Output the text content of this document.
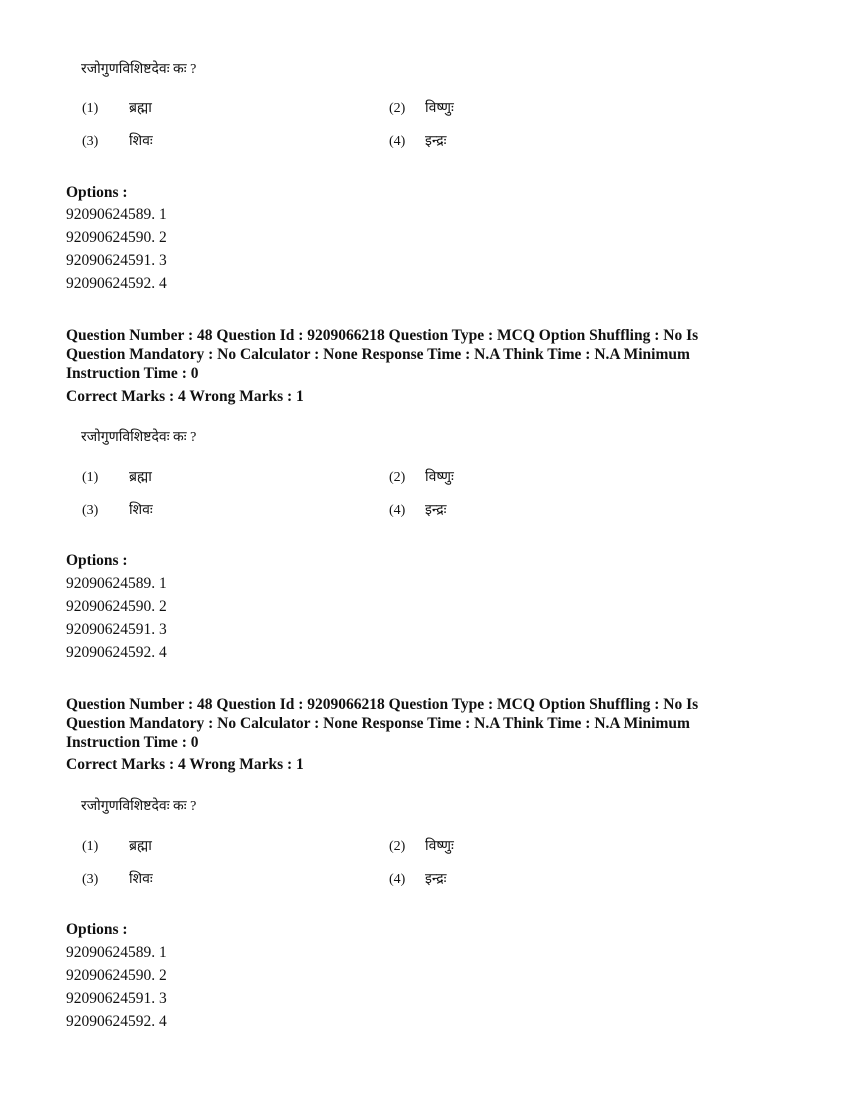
रजोगुणविशिष्टदेवः कः ?
(1) ब्रह्मा	(2) विष्णुः
(3) शिवः	(4) इन्द्रः
Options :
92090624589. 1
92090624590. 2
92090624591. 3
92090624592. 4
Question Number : 48 Question Id : 9209066218 Question Type : MCQ Option Shuffling : No Is
Question Mandatory : No Calculator : None Response Time : N.A Think Time : N.A Minimum
Instruction Time : 0
Correct Marks : 4 Wrong Marks : 1
रजोगुणविशिष्टदेवः कः ?
(1) ब्रह्मा	(2) विष्णुः
(3) शिवः	(4) इन्द्रः
Options :
92090624589. 1
92090624590. 2
92090624591. 3
92090624592. 4
Question Number : 48 Question Id : 9209066218 Question Type : MCQ Option Shuffling : No Is
Question Mandatory : No Calculator : None Response Time : N.A Think Time : N.A Minimum
Instruction Time : 0
Correct Marks : 4 Wrong Marks : 1
रजोगुणविशिष्टदेवः कः ?
(1) ब्रह्मा	(2) विष्णुः
(3) शिवः	(4) इन्द्रः
Options :
92090624589. 1
92090624590. 2
92090624591. 3
92090624592. 4
